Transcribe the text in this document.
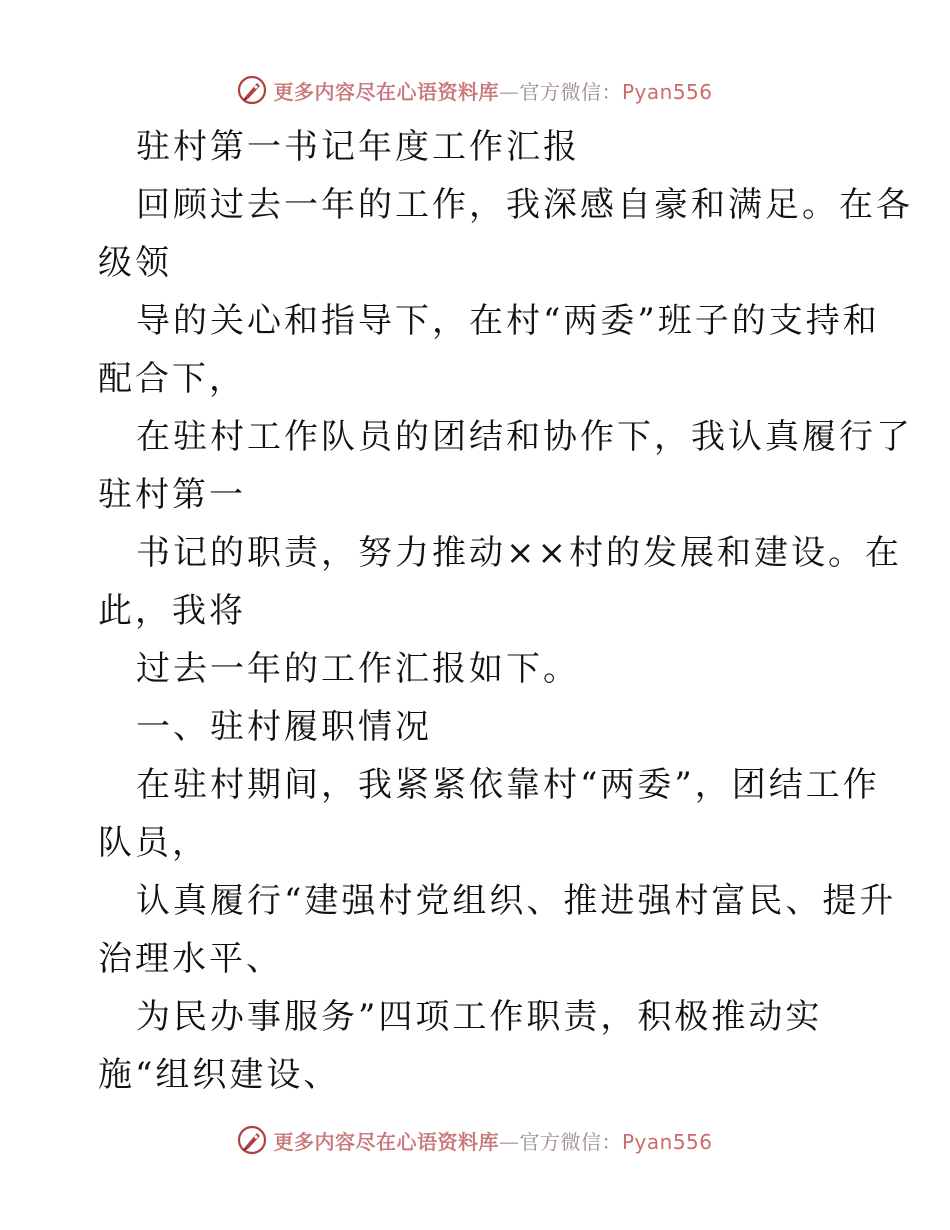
更多内容尽在心语资料库—官方微信：Pyan556
驻村第一书记年度工作汇报
回顾过去一年的工作，我深感自豪和满足。在各
级领
导的关心和指导下，在村“两委”班子的支持和
配合下，
在驻村工作队员的团结和协作下，我认真履行了
驻村第一
书记的职责，努力推动××村的发展和建设。在
此，我将
过去一年的工作汇报如下。
一、驻村履职情况
在驻村期间，我紧紧依靠村“两委”，团结工作
队员，
认真履行“建强村党组织、推进强村富民、提升
治理水平、
为民办事服务”四项工作职责，积极推动实
施“组织建设、
更多内容尽在心语资料库—官方微信：Pyan556
